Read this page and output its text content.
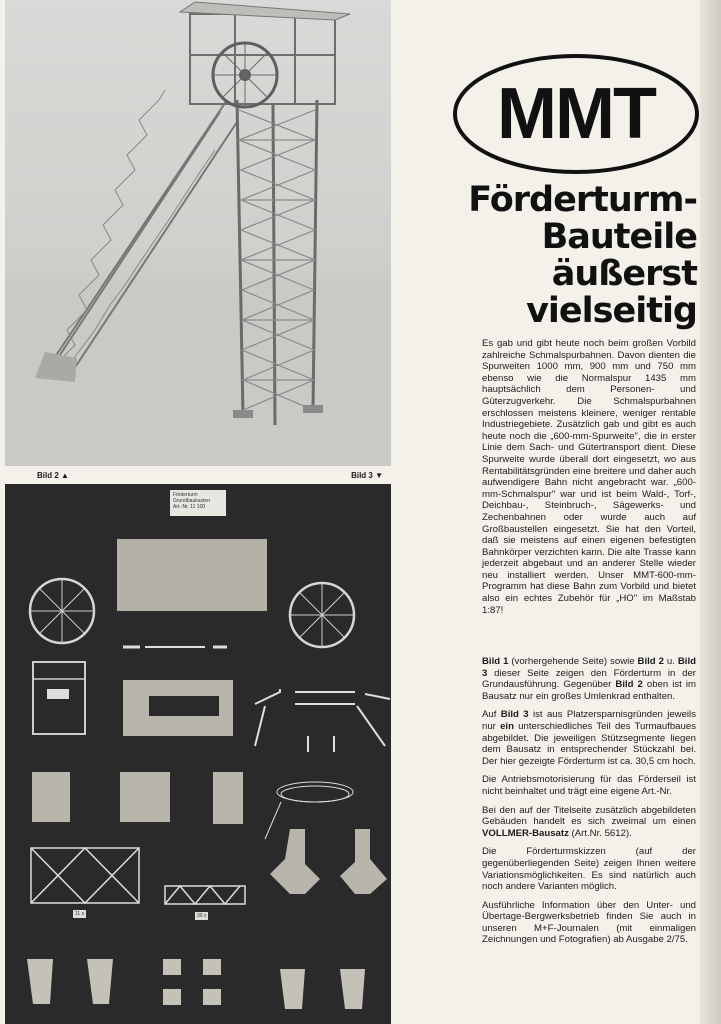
Bild 2 ▲	Bild 3 ▼
Förderturm
Grundbaukasten
Art.-Nr. 11 100
11 x	30 x
MMT
Förderturm-
Bauteile
äußerst
vielseitig

Es gab und gibt heute noch beim großen Vorbild zahlreiche Schmalspurbahnen. Davon dienten die Spurweiten 1000 mm, 900 mm und 750 mm ebenso wie die Normalspur 1435 mm hauptsächlich dem Personen- und Güterzugverkehr. Die Schmalspurbahnen erschlossen meistens kleinere, weniger rentable Industriegebiete. Zusätzlich gab und gibt es auch heute noch die „600-mm-Spurweite", die in erster Linie dem Sach- und Gütertransport dient. Diese Spurweite wurde überall dort eingesetzt, wo aus Rentabilitätsgründen eine breitere und daher auch aufwendigere Bahn nicht angebracht war. „600-mm-Schmalspur" war und ist beim Wald-, Torf-, Deichbau-, Steinbruch-, Sägewerks- und Zechenbahnen oder wurde auch auf Großbaustellen eingesetzt. Sie hat den Vorteil, daß sie meistens auf einen eigenen befestigten Bahnkörper verzichten kann. Die alte Trasse kann jederzeit abgebaut und an anderer Stelle wieder neu installiert werden. Unser MMT-600-mm-Programm hat diese Bahn zum Vorbild und bietet also ein echtes Zubehör für „HO" im Maßstab 1:87!

Bild 1 (vorhergehende Seite) sowie Bild 2 u. Bild 3 dieser Seite zeigen den Förderturm in der Grundausführung. Gegenüber Bild 2 oben ist im Bausatz nur ein großes Umlenkrad enthalten.

Auf Bild 3 ist aus Platzersparnisgründen jeweils nur ein unterschiedliches Teil des Turmaufbaues abgebildet. Die jeweiligen Stützsegmente liegen dem Bausatz in entsprechender Stückzahl bei. Der hier gezeigte Förderturm ist ca. 30,5 cm hoch.

Die Antriebsmotorisierung für das Förderseil ist nicht beinhaltet und trägt eine eigene Art.-Nr.

Bei den auf der Titelseite zusätzlich abgebildeten Gebäuden handelt es sich zweimal um einen VOLLMER-Bausatz (Art.Nr. 5612).

Die Förderturmskizzen (auf der gegenüberliegenden Seite) zeigen Ihnen weitere Variationsmöglichkeiten. Es sind natürlich auch noch andere Varianten möglich.

Ausführliche Information über den Unter- und Übertage-Bergwerksbetrieb finden Sie auch in unseren M+F-Journalen (mit einmaligen Zeichnungen und Fotografien) ab Ausgabe 2/75.
